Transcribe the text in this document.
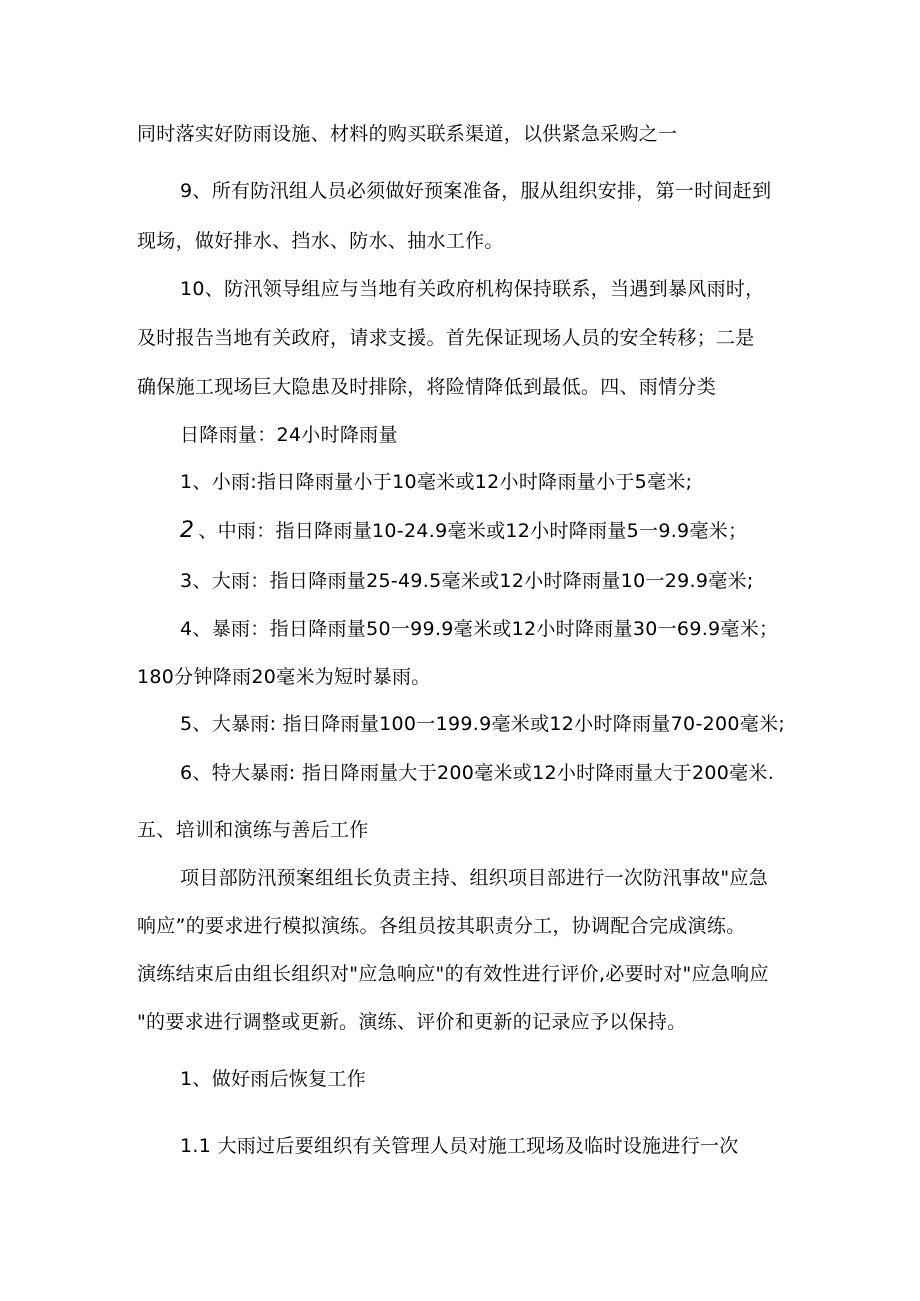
同时落实好防雨设施、材料的购买联系渠道，以供紧急采购之一
9、所有防汛组人员必须做好预案准备，服从组织安排，第一时间赶到
现场，做好排水、挡水、防水、抽水工作。
10、防汛领导组应与当地有关政府机构保持联系，当遇到暴风雨时，
及时报告当地有关政府，请求支援。首先保证现场人员的安全转移；二是
确保施工现场巨大隐患及时排除，将险情降低到最低。四、雨情分类
日降雨量：24小时降雨量
1、小雨:指日降雨量小于10毫米或12小时降雨量小于5毫米;
2 、中雨：指日降雨量10-24.9毫米或12小时降雨量5一9.9毫米；
3、大雨：指日降雨量25-49.5毫米或12小时降雨量10一29.9毫米;
4、暴雨：指日降雨量50一99.9毫米或12小时降雨量30一69.9毫米；
180分钟降雨20毫米为短时暴雨。
5、大暴雨: 指日降雨量100一199.9毫米或12小时降雨量70-200毫米;
6、特大暴雨: 指日降雨量大于200毫米或12小时降雨量大于200毫米.
五、培训和演练与善后工作
项目部防汛预案组组长负责主持、组织项目部进行一次防汛事故"应急
响应”的要求进行模拟演练。各组员按其职责分工，协调配合完成演练。
演练结束后由组长组织对"应急响应"的有效性进行评价,必要时对"应急响应
"的要求进行调整或更新。演练、评价和更新的记录应予以保持。
1、做好雨后恢复工作
1.1 大雨过后要组织有关管理人员对施工现场及临时设施进行一次
